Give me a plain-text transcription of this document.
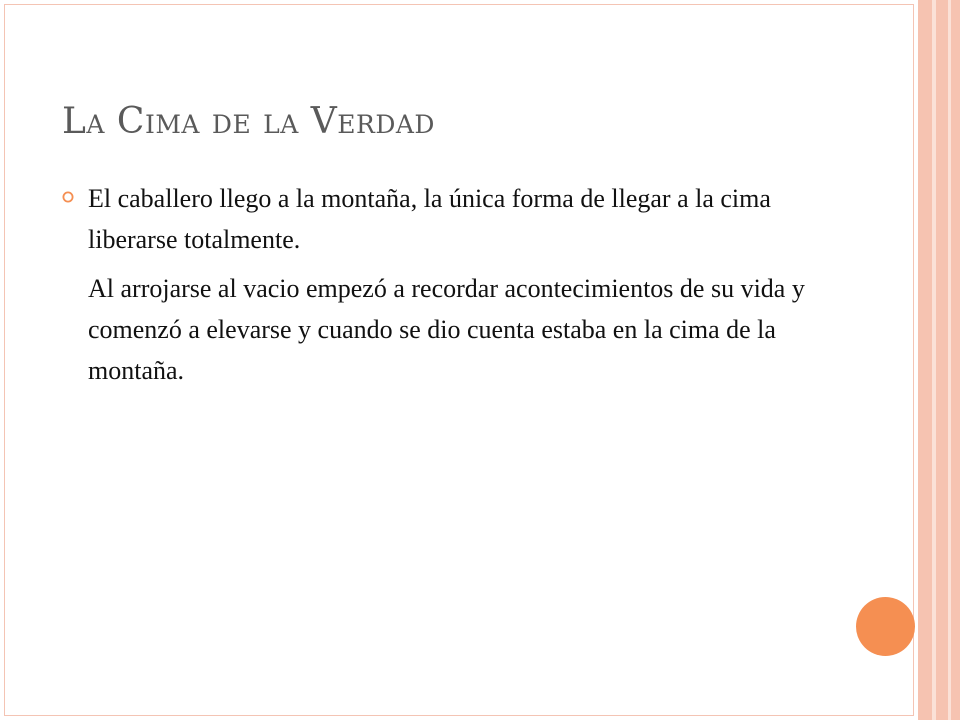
La Cima de la Verdad
El caballero llego a la montaña, la única forma de llegar a la cima liberarse totalmente.
Al arrojarse al vacio empezó a recordar acontecimientos de su vida y comenzó a elevarse y cuando se dio cuenta estaba en la cima de la montaña.
